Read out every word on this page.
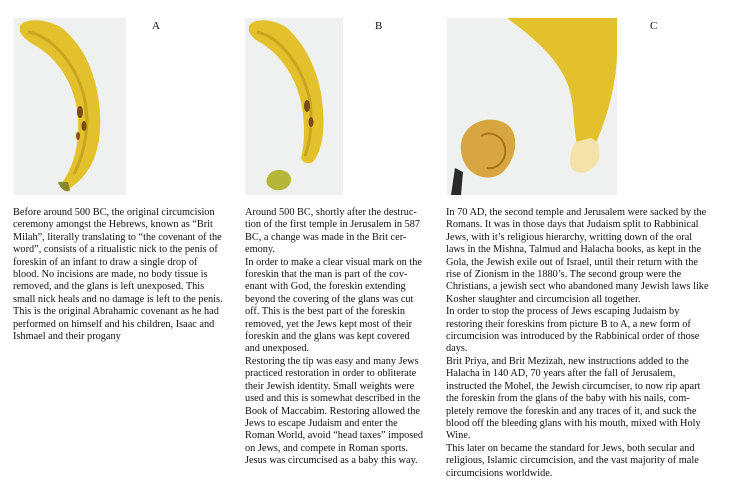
A
Before around 500 BC, the original circumcision
ceremony amongst the Hebrews, known as “Brit
Milah”, literally translating to “the covenant of the
word”, consists of a ritualistic nick to the penis of
foreskin of an infant to draw a single drop of
blood. No incisions are made, no body tissue is
removed, and the glans is left unexposed. This
small nick heals and no damage is left to the penis.
This is the original Abrahamic covenant as he had
performed on himself and his children, Isaac and
Ishmael and their progany
B
Around 500 BC, shortly after the destruc-
tion of the first temple in Jerusalem in 587
BC, a change was made in the Brit cer-
emony.
In order to make a clear visual mark on the
foreskin that the man is part of the cov-
enant with God, the foreskin extending
beyond the covering of the glans was cut
off. This is the best part of the foreskin
removed, yet the Jews kept most of their
foreskin and the glans was kept covered
and unexposed.
Restoring the tip was easy and many Jews
practiced restoration in order to obliterate
their Jewish identity. Small weights were
used and this is somewhat described in the
Book of Maccabim. Restoring allowed the
Jews to escape Judaism and enter the
Roman World, avoid “head taxes” imposed
on Jews, and compete in Roman sports.
Jesus was circumcised as a baby this way.
C
In 70 AD, the second temple and Jerusalem were sacked by the
Romans. It was in those days that Judaism split to Rabbinical
Jews, with it’s religious hierarchy, writting down of the oral
laws in the Mishna, Talmud and Halacha books, as kept in the
Gola, the Jewish exile out of Israel, until their return with the
rise of Zionism in the 1880’s. The second group were the
Christians, a jewish sect who abandoned many Jewish laws like
Kosher slaughter and circumcision all together.
In order to stop the process of Jews escaping Judaism by
restoring their foreskins from picture B to A, a new form of
circumcision was introduced by the Rabbinical order of those
days.
Brit Priya, and Brit Mezizah, new instructions added to the
Halacha in 140 AD, 70 years after the fall of Jerusalem,
instructed the Mohel, the Jewish circumciser, to now rip apart
the foreskin from the glans of the baby with his nails, com-
pletely remove the foreskin and any traces of it, and suck the
blood off the bleeding glans with his mouth, mixed with Holy
Wine.
This later on became the standard for Jews, both secular and
religious, Islamic circumcision, and the vast majority of male
circumcisions worldwide.
